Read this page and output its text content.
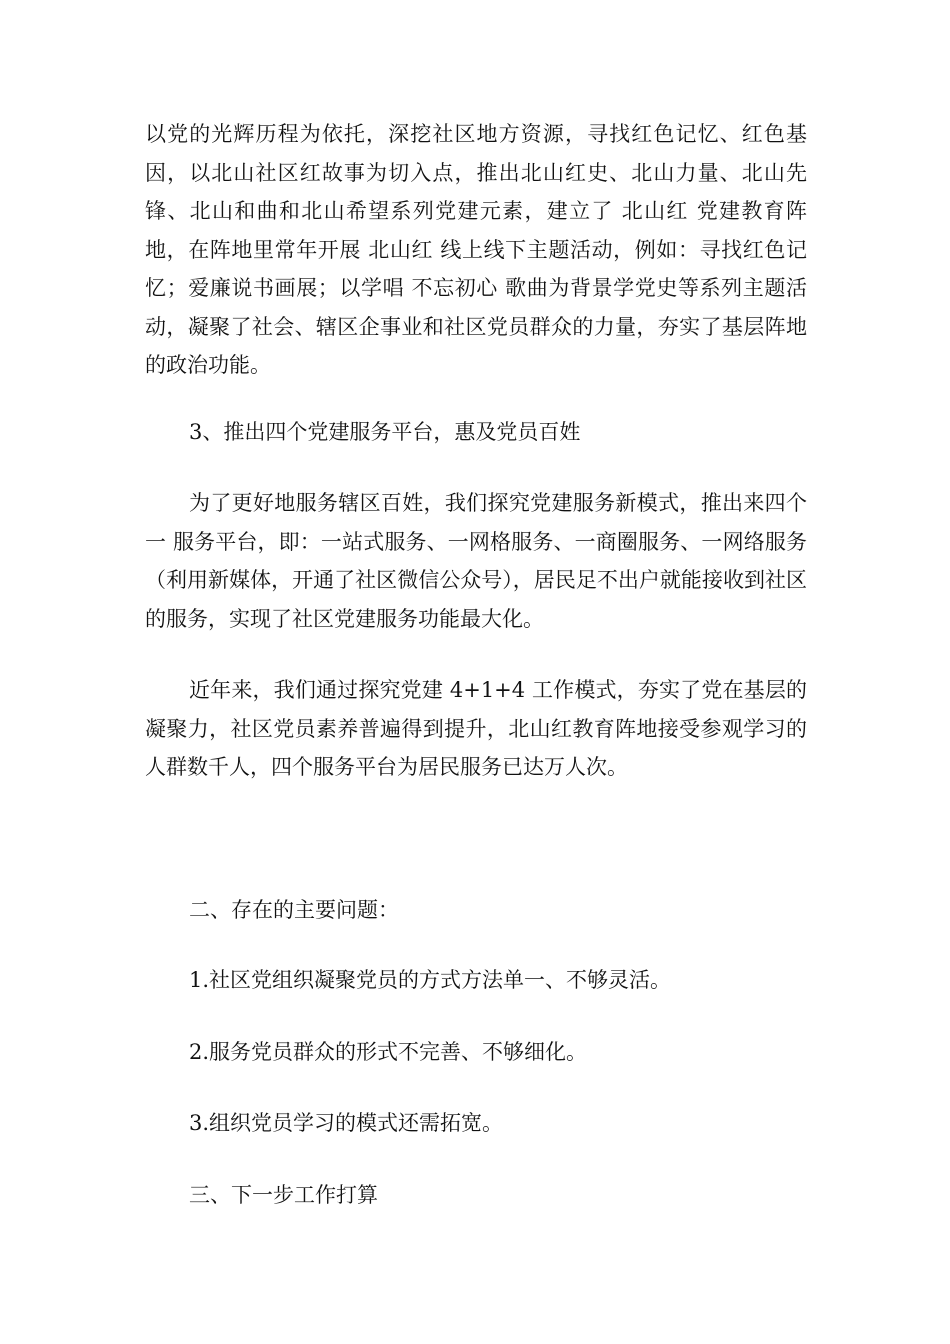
以党的光辉历程为依托，深挖社区地方资源，寻找红色记忆、红色基因，以北山社区红故事为切入点，推出北山红史、北山力量、北山先锋、北山和曲和北山希望系列党建元素，建立了 北山红 党建教育阵地，在阵地里常年开展 北山红 线上线下主题活动，例如：寻找红色记忆；爱廉说书画展；以学唱 不忘初心 歌曲为背景学党史等系列主题活动，凝聚了社会、辖区企事业和社区党员群众的力量，夯实了基层阵地的政治功能。

3、推出四个党建服务平台，惠及党员百姓

为了更好地服务辖区百姓，我们探究党建服务新模式，推出来四个一 服务平台，即：一站式服务、一网格服务、一商圈服务、一网络服务（利用新媒体，开通了社区微信公众号），居民足不出户就能接收到社区的服务，实现了社区党建服务功能最大化。

近年来，我们通过探究党建 4+1+4 工作模式，夯实了党在基层的凝聚力，社区党员素养普遍得到提升，北山红教育阵地接受参观学习的人群数千人，四个服务平台为居民服务已达万人次。

二、存在的主要问题：

1.社区党组织凝聚党员的方式方法单一、不够灵活。

2.服务党员群众的形式不完善、不够细化。

3.组织党员学习的模式还需拓宽。

三、下一步工作打算
